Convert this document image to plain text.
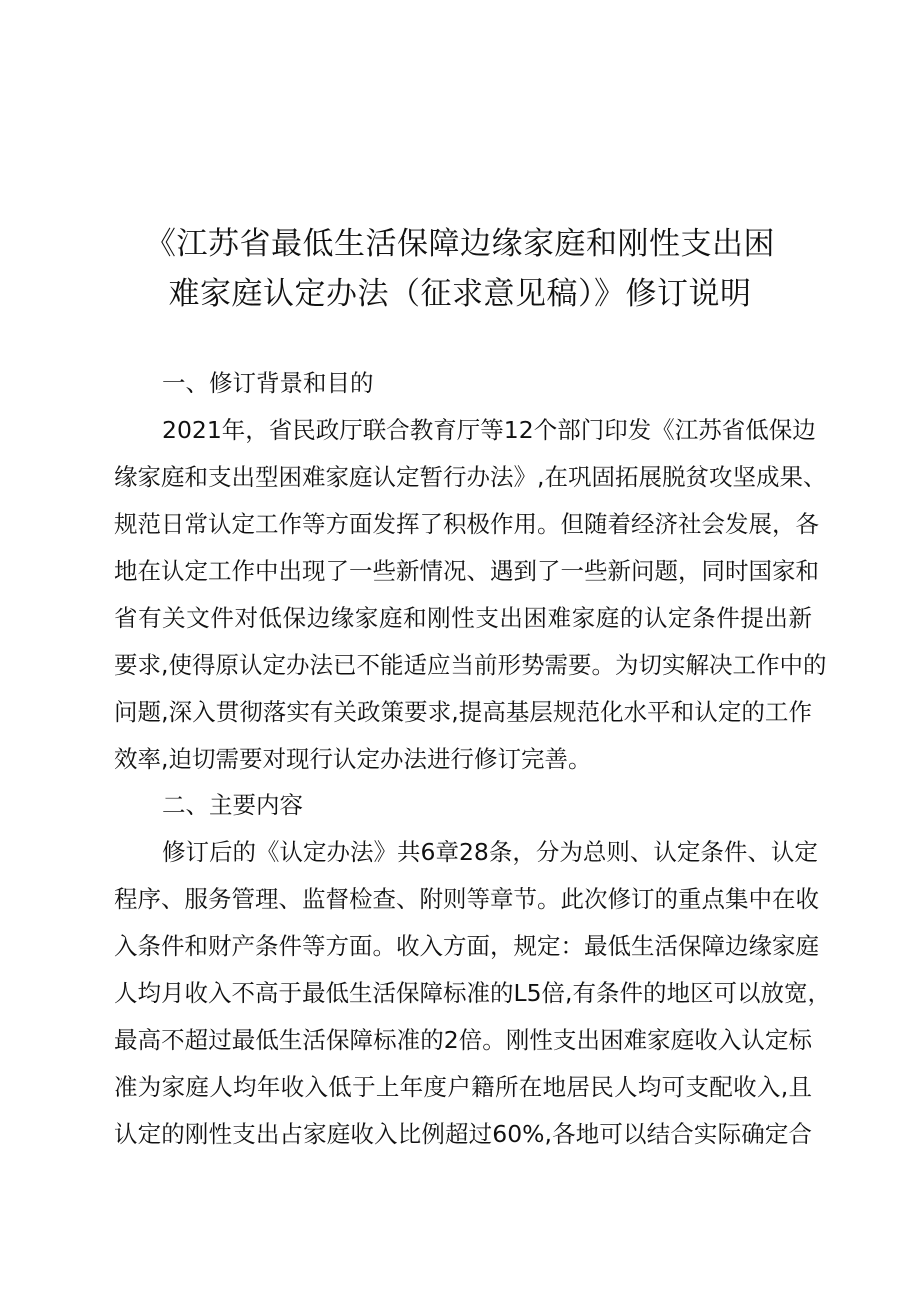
《江苏省最低生活保障边缘家庭和刚性支出困
难家庭认定办法（征求意见稿）》修订说明

一、修订背景和目的

2021年，省民政厅联合教育厅等12个部门印发《江苏省低保边

缘家庭和支出型困难家庭认定暂行办法》,在巩固拓展脱贫攻坚成果、

规范日常认定工作等方面发挥了积极作用。但随着经济社会发展，各

地在认定工作中出现了一些新情况、遇到了一些新问题，同时国家和

省有关文件对低保边缘家庭和刚性支出困难家庭的认定条件提出新

要求,使得原认定办法已不能适应当前形势需要。为切实解决工作中的

问题,深入贯彻落实有关政策要求,提高基层规范化水平和认定的工作

效率,迫切需要对现行认定办法进行修订完善。

二、主要内容

修订后的《认定办法》共6章28条，分为总则、认定条件、认定

程序、服务管理、监督检查、附则等章节。此次修订的重点集中在收

入条件和财产条件等方面。收入方面，规定：最低生活保障边缘家庭

人均月收入不高于最低生活保障标准的L5倍,有条件的地区可以放宽，

最高不超过最低生活保障标准的2倍。刚性支出困难家庭收入认定标

准为家庭人均年收入低于上年度户籍所在地居民人均可支配收入,且

认定的刚性支出占家庭收入比例超过60%,各地可以结合实际确定合
